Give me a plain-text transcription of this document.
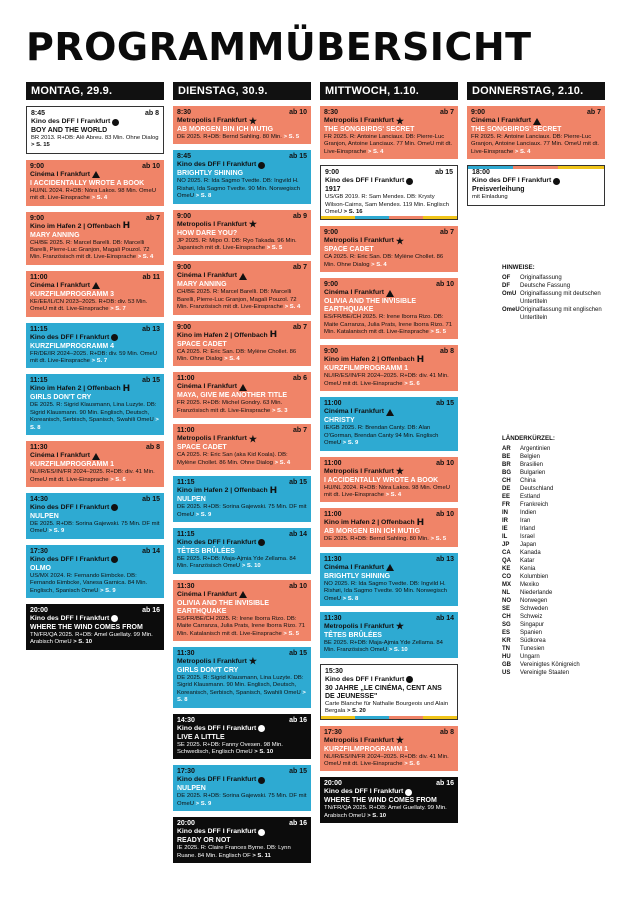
PROGRAMMÜBERSICHT
MONTAG, 29.9.
8:45	ab 8
Kino des DFF I Frankfurt
BOY AND THE WORLD
BR 2013. R+DB: Alê Abreu. 83 Min. Ohne Dialog > S. 15
9:00	ab 10
Cinéma I Frankfurt
I ACCIDENTALLY WROTE A BOOK
HU/NL 2024. R+DB: Nóra Lakos. 98 Min. OmeU mit dt. Live-Einsprache > S. 4
9:00	ab 7
Kino im Hafen 2 | Offenbach H
MARY ANNING
CH/BE 2025. R: Marcel Barelli. DB: Marcelli Barelli, Pierre-Luc Granjon, Magali Pouzol. 72 Min. Französisch mit dt. Live-Einsprache > S. 4
11:00	ab 11
Cinéma I Frankfurt
KURZFILMPROGRAMM 3
KE/EE/IL/CN 2023–2025. R+DB: div. 53 Min. OmeU mit dt. Live-Einsprache > S. 7
11:15	ab 13
Kino des DFF I Frankfurt
KURZFILMPROGRAMM 4
FR/DE/IR 2024–2025. R+DB: div. 59 Min. OmeU mit dt. Live-Einsprache > S. 7
11:15	ab 15
Kino im Hafen 2 | Offenbach H
GIRLS DON'T CRY
DE 2025. R: Sigrid Klausmann, Lina Luzyte. DB: Sigrid Klausmann. 90 Min. Englisch, Deutsch, Koreanisch, Serbisch, Spanisch, Swahili OmeU > S. 8
11:30	ab 8
Cinéma I Frankfurt
KURZFILMPROGRAMM 1
NL/IR/ES/IN/FR 2024–2025. R+DB: div. 41 Min. OmeU mit dt. Live-Einsprache > S. 6
14:30	ab 15
Kino des DFF I Frankfurt
NULPEN
DE 2025. R+DB: Sorina Gajewski. 75 Min. DF mit OmeU > S. 9
17:30	ab 14
Kino des DFF I Frankfurt
OLMO
US/MX 2024. R: Fernando Eimbcke. DB: Fernando Eimbcke, Vanesa Garnica. 84 Min. Englisch, Spanisch OmeU > S. 9
20:00	ab 16
Kino des DFF I Frankfurt
WHERE THE WIND COMES FROM
TN/FR/QA 2025. R+DB: Amel Guellaty. 99 Min. Arabisch OmeU > S. 10
DIENSTAG, 30.9.
8:30	ab 10
Metropolis I Frankfurt ★
AB MORGEN BIN ICH MUTIG
DE 2025. R+DB: Bernd Sahling. 80 Min. > S. 5
8:45	ab 15
Kino des DFF I Frankfurt
BRIGHTLY SHINING
NO 2025. R: Ida Sagmo Tvedte. DB: Ingvild H. Rishøi, Ida Sagmo Tvedte. 90 Min. Norwegisch OmeU > S. 8
9:00	ab 9
Metropolis I Frankfurt ★
HOW DARE YOU?
JP 2025. R: Mipo O. DB: Ryo Takada. 96 Min. Japanisch mit dt. Live-Einsprache > S. 5
9:00	ab 7
Cinéma I Frankfurt
MARY ANNING
CH/BE 2025. R: Marcel Barelli. DB: Marcelli Barelli, Pierre-Luc Granjon, Magali Pouzol. 72 Min. Französisch mit dt. Live-Einsprache > S. 4
9:00	ab 7
Kino im Hafen 2 | Offenbach H
SPACE CADET
CA 2025. R: Eric San. DB: Mylène Chollet. 86 Min. Ohne Dialog > S. 4
11:00	ab 6
Cinéma I Frankfurt
MAYA, GIVE ME ANOTHER TITLE
FR 2025. R+DB: Michel Gondry. 63 Min. Französisch mit dt. Live-Einsprache > S. 3
11:00	ab 7
Metropolis I Frankfurt ★
SPACE CADET
CA 2025. R: Eric San (aka Kid Koala). DB: Mylène Chollet. 86 Min. Ohne Dialog > S. 4
11:15	ab 15
Kino im Hafen 2 | Offenbach H
NULPEN
DE 2025. R+DB: Sorina Gajewski. 75 Min. DF mit OmeU > S. 9
11:15	ab 14
Kino des DFF I Frankfurt
TÊTES BRÛLÉES
BE 2025. R+DB: Maja-Ajmia Yde Zellama. 84 Min. Französisch OmeU > S. 10
11:30	ab 10
Cinéma I Frankfurt
OLIVIA AND THE INVISIBLE EARTHQUAKE
ES/FR/BE/CH 2025. R: Irene Iborra Rizo. DB: Maite Carranza, Julia Prats, Irene Iborra Rizo. 71 Min. Katalanisch mit dt. Live-Einsprache > S. 5
11:30	ab 15
Metropolis I Frankfurt ★
GIRLS DON'T CRY
DE 2025. R: Sigrid Klausmann, Lina Luzyte. DB: Sigrid Klausmann. 90 Min. Englisch, Deutsch, Koreanisch, Serbisch, Spanisch, Swahili OmeU > S. 8
14:30	ab 16
Kino des DFF I Frankfurt
LIVE A LITTLE
SE 2025. R+DB: Fanny Ovesen. 98 Min. Schwedisch, Englisch OmeU > S. 10
17:30	ab 15
Kino des DFF I Frankfurt
NULPEN
DE 2025. R+DB: Sorina Gajewski. 75 Min. DF mit OmeU > S. 9
20:00	ab 16
Kino des DFF I Frankfurt
READY OR NOT
IE 2025. R: Claire Frances Byrne. DB: Lynn Ruane. 84 Min. Englisch OF > S. 11
MITTWOCH, 1.10.
8:30	ab 7
Metropolis I Frankfurt ★
THE SONGBIRDS' SECRET
FR 2025. R: Antoine Lanciaux. DB: Pierre-Luc Granjon, Antoine Lanciaux. 77 Min. OmeU mit dt. Live-Einsprache > S. 4
9:00	ab 15
Kino des DFF I Frankfurt
1917
US/GB 2019. R: Sam Mendes. DB: Krysty Wilson-Cairns, Sam Mendes. 119 Min. Englisch OmeU > S. 16
9:00	ab 7
Metropolis I Frankfurt ★
SPACE CADET
CA 2025. R: Eric San. DB: Mylène Chollet. 86 Min. Ohne Dialog > S. 4
9:00	ab 10
Cinéma I Frankfurt
OLIVIA AND THE INVISIBLE EARTHQUAKE
ES/FR/BE/CH 2025. R: Irene Iborra Rizo. DB: Maite Carranza, Julia Prats, Irene Iborra Rizo. 71 Min. Katalanisch mit dt. Live-Einsprache > S. 5
9:00	ab 8
Kino im Hafen 2 | Offenbach H
KURZFILMPROGRAMM 1
NL/IR/ES/IN/FR 2024–2025. R+DB: div. 41 Min. OmeU mit dt. Live-Einsprache > S. 6
11:00	ab 15
Cinéma I Frankfurt
CHRISTY
IE/GB 2025. R: Brendan Canty. DB: Alan O'Gorman, Brendan Canty 94 Min. Englisch OmeU > S. 9
11:00	ab 10
Metropolis I Frankfurt ★
I ACCIDENTALLY WROTE A BOOK
HU/NL 2024. R+DB: Nóra Lakos. 98 Min. OmeU mit dt. Live-Einsprache > S. 4
11:00	ab 10
Kino im Hafen 2 | Offenbach H
AB MORGEN BIN ICH MUTIG
DE 2025. R+DB: Bernd Sahling. 80 Min. > S. 5
11:30	ab 13
Cinéma I Frankfurt
BRIGHTLY SHINING
NO 2025. R: Ida Sagmo Tvedte. DB: Ingvild H. Rishøi, Ida Sagmo Tvedte. 90 Min. Norwegisch OmeU > S. 8
11:30	ab 14
Metropolis I Frankfurt ★
TÊTES BRÛLÉES
BE 2025. R+DB: Maja-Ajmia Yde Zellama. 84 Min. Französisch OmeU > S. 10
15:30
Kino des DFF I Frankfurt
30 JAHRE „LE CINÉMA, CENT ANS DE JEUNESSE"
Carte Blanche für Nathalie Bourgeois und Alain Bergala > S. 20
17:30	ab 8
Metropolis I Frankfurt ★
KURZFILMPROGRAMM 1
NL/IR/ES/IN/FR 2024–2025. R+DB: div. 41 Min. OmeU mit dt. Live-Einsprache > S. 6
20:00	ab 16
Kino des DFF I Frankfurt
WHERE THE WIND COMES FROM
TN/FR/QA 2025. R+DB: Amel Guellaty. 99 Min. Arabisch OmeU > S. 10
DONNERSTAG, 2.10.
9:00	ab 7
Cinéma I Frankfurt
THE SONGBIRDS' SECRET
FR 2025. R: Antoine Lanciaux. DB: Pierre-Luc Granjon, Antoine Lanciaux. 77 Min. OmeU mit dt. Live-Einsprache > S. 4
18:00
Kino des DFF I Frankfurt
Preisverleihung
mit Einladung
HINWEISE:
OF	Originalfassung
DF	Deutsche Fassung
OmU Originalfassung mit deutschen Untertiteln
OmeU Originalfassung mit englischen Untertiteln
LÄNDERKÜRZEL:
AR	Argentinien
BE	Belgien
BR	Brasilien
BG	Bulgarien
CH	China
DE	Deutschland
EE	Estland
FR	Frankreich
IN	Indien
IR	Iran
IE	Irland
IL	Israel
JP	Japan
CA	Kanada
QA	Katar
KE	Kenia
CO	Kolumbien
MX	Mexiko
NL	Niederlande
NO	Norwegen
SE	Schweden
CH	Schweiz
SG	Singapur
ES	Spanien
KR	Südkorea
TN	Tunesien
HU	Ungarn
GB	Vereinigtes Königreich
US	Vereinigte Staaten
